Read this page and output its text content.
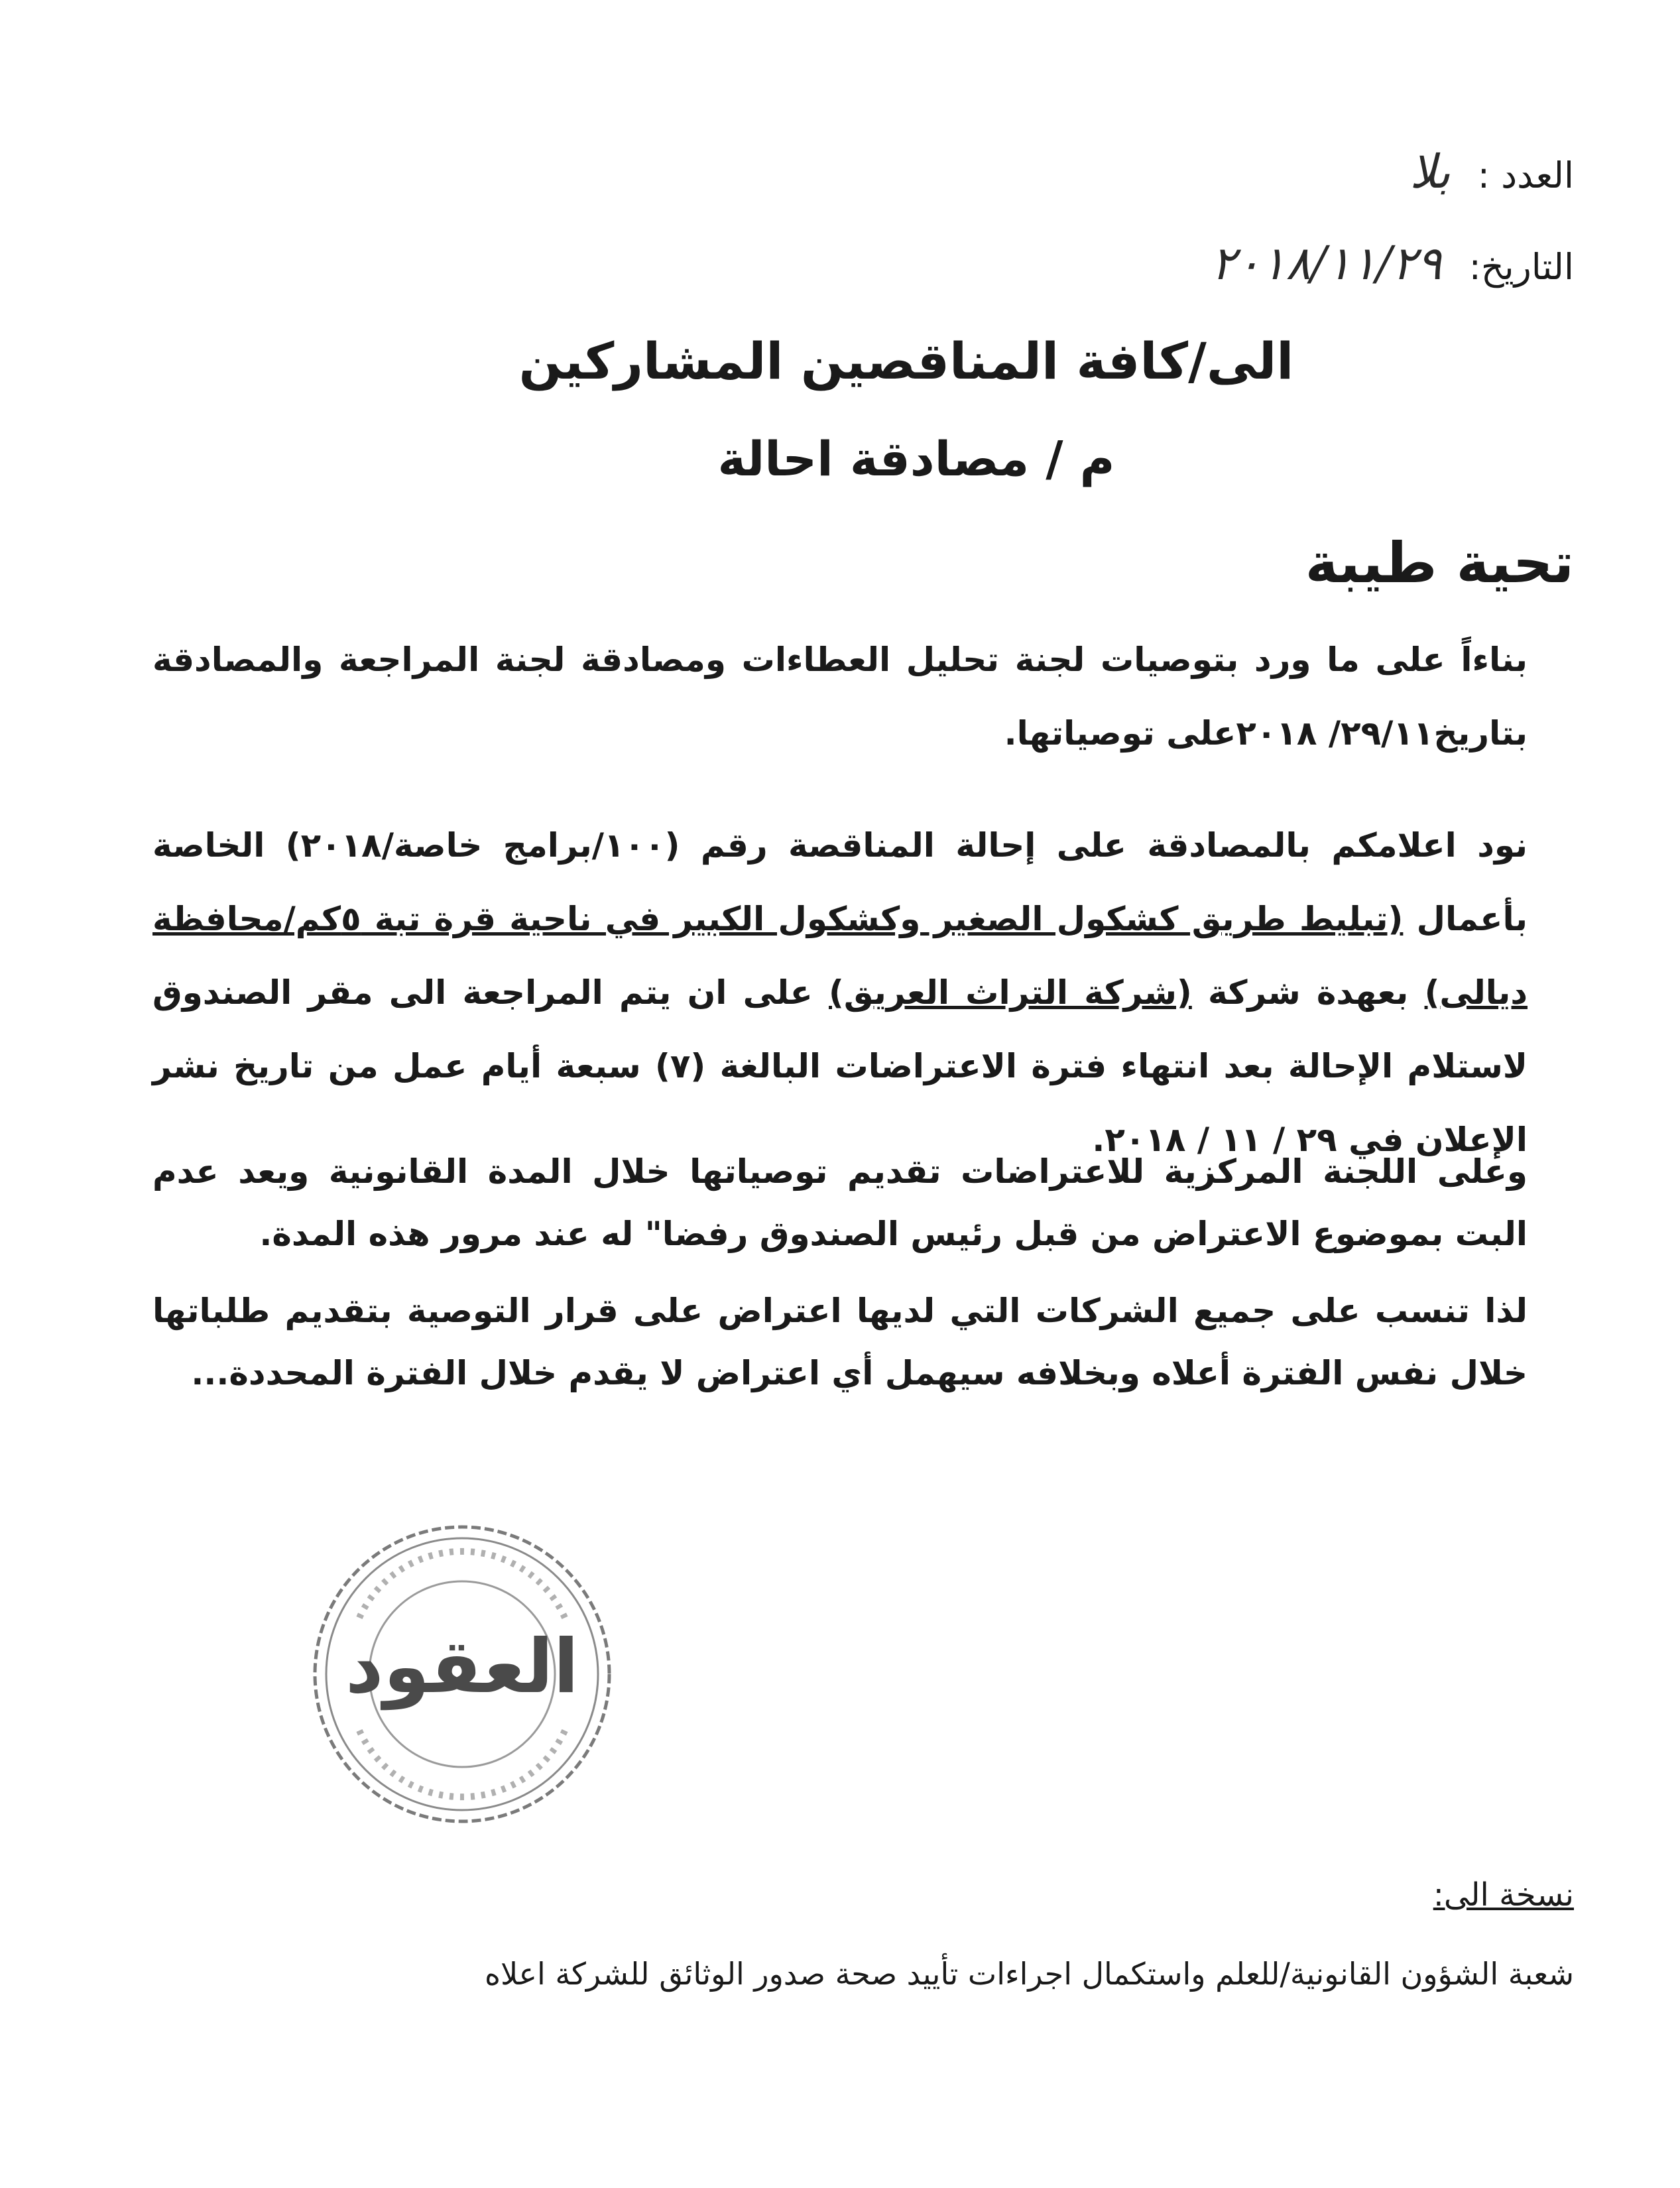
العدد : بلا
التاريخ: ٢٠١٨/١١/٢٩
الى/كافة المناقصين المشاركين
م / مصادقة احالة
تحية طيبة
بناءاً على ما ورد بتوصيات لجنة تحليل العطاءات ومصادقة لجنة المراجعة والمصادقة بتاريخ٢٩/١١/ ٢٠١٨على توصياتها.
نود اعلامكم بالمصادقة على إحالة المناقصة رقم (١٠٠/برامج خاصة/٢٠١٨) الخاصة بأعمال (تبليط طريق كشكول الصغير وكشكول الكبير في ناحية قرة تبة ٥كم/محافظة ديالى) بعهدة شركة (شركة التراث العريق) على ان يتم المراجعة الى مقر الصندوق لاستلام الإحالة بعد انتهاء فترة الاعتراضات البالغة (٧) سبعة أيام عمل من تاريخ نشر الإعلان في ٢٩ / ١١ / ٢٠١٨.
وعلى اللجنة المركزية للاعتراضات تقديم توصياتها خلال المدة القانونية ويعد عدم البت بموضوع الاعتراض من قبل رئيس الصندوق رفضا" له عند مرور هذه المدة.
لذا تنسب على جميع الشركات التي لديها اعتراض على قرار التوصية بتقديم طلباتها خلال نفس الفترة أعلاه وبخلافه سيهمل أي اعتراض لا يقدم خلال الفترة المحددة...
العقود
نسخة الى:
شعبة الشؤون القانونية/للعلم واستكمال اجراءات تأييد صحة صدور الوثائق للشركة اعلاه
